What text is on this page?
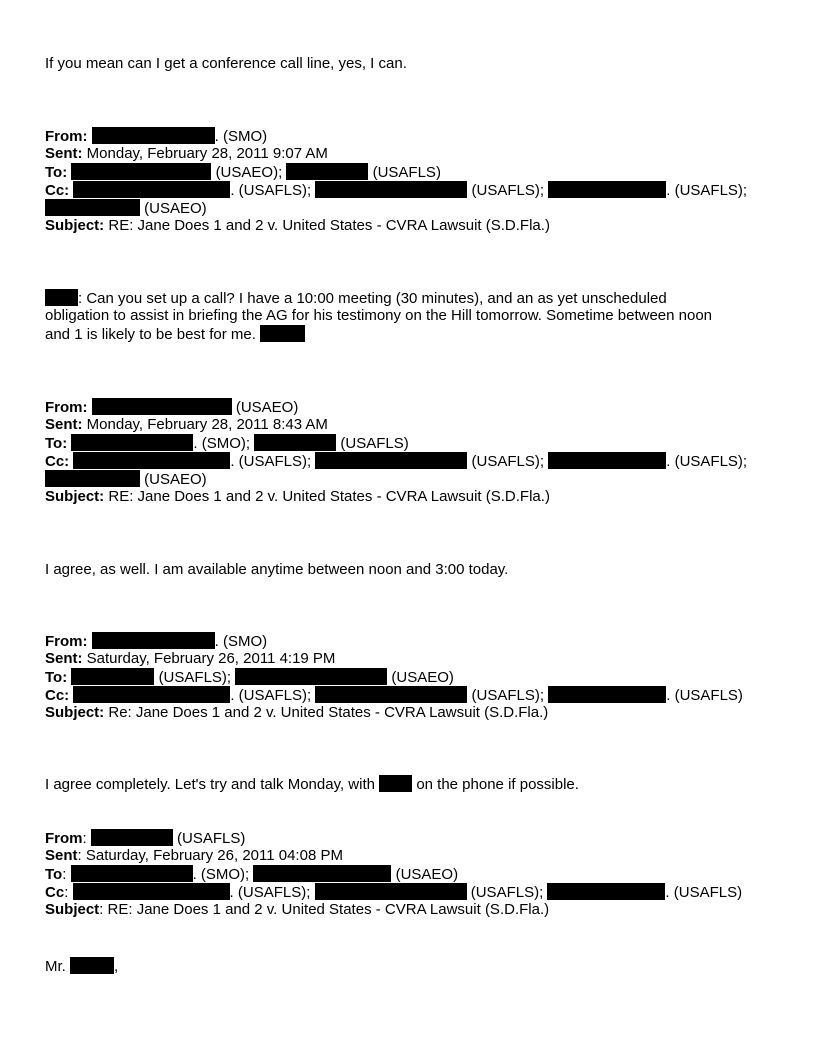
If you mean can I get a conference call line, yes, I can.
From:	. (SMO)
Sent: Monday, February 28, 2011 9:07 AM
To:	(USAEO);	(USAFLS)
Cc:	. (USAFLS);	(USAFLS);	. (USAFLS);
(USAEO)
Subject: RE: Jane Does 1 and 2 v. United States - CVRA Lawsuit (S.D.Fla.)
: Can you set up a call? I have a 10:00 meeting (30 minutes), and an as yet unscheduled
obligation to assist in briefing the AG for his testimony on the Hill tomorrow. Sometime between noon
and 1 is likely to be best for me.
From:	(USAEO)
Sent: Monday, February 28, 2011 8:43 AM
To:	. (SMO);	(USAFLS)
Cc:	. (USAFLS);	(USAFLS);	. (USAFLS);
(USAEO)
Subject: RE: Jane Does 1 and 2 v. United States - CVRA Lawsuit (S.D.Fla.)
I agree, as well. I am available anytime between noon and 3:00 today.
From:	. (SMO)
Sent: Saturday, February 26, 2011 4:19 PM
To:	(USAFLS);	(USAEO)
Cc:	. (USAFLS);	(USAFLS);	. (USAFLS)
Subject: Re: Jane Does 1 and 2 v. United States - CVRA Lawsuit (S.D.Fla.)
I agree completely. Let's try and talk Monday, with	on the phone if possible.
From:	(USAFLS)
Sent: Saturday, February 26, 2011 04:08 PM
To:	. (SMO);	(USAEO)
Cc:	. (USAFLS);	(USAFLS);	. (USAFLS)
Subject: RE: Jane Does 1 and 2 v. United States - CVRA Lawsuit (S.D.Fla.)
Mr.	,
